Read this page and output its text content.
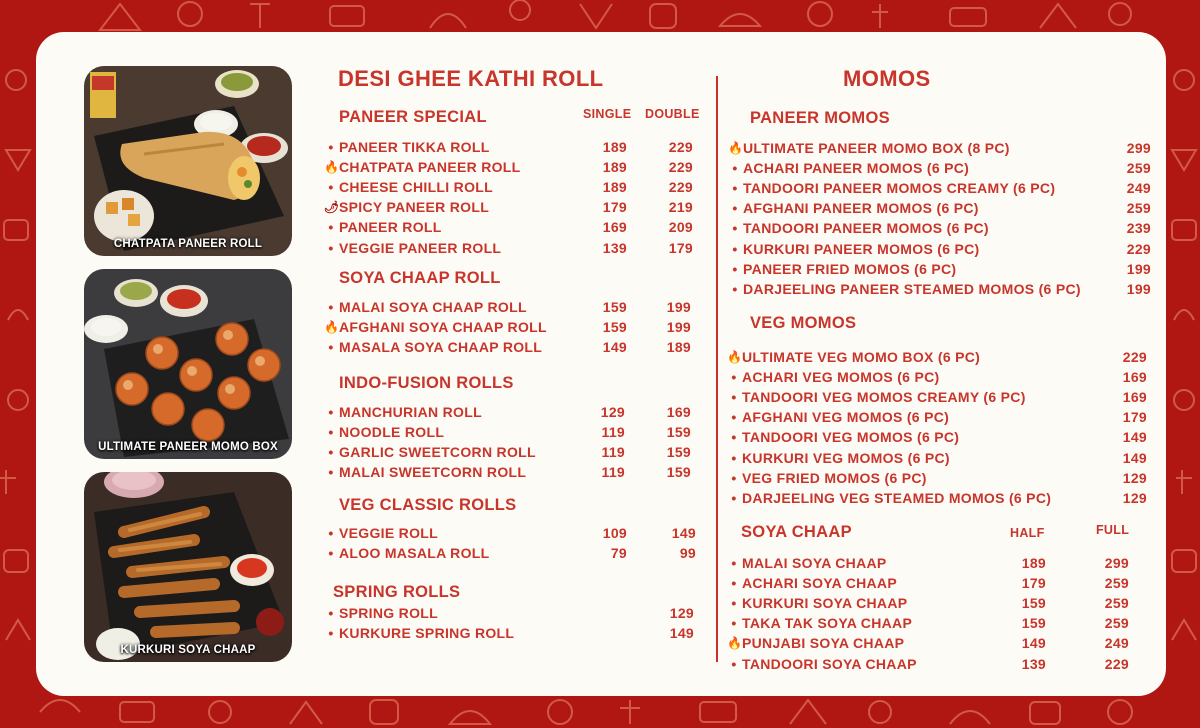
CHATPATA PANEER ROLL
ULTIMATE PANEER MOMO BOX
KURKURI SOYA CHAAP
DESI GHEE KATHI ROLL
SINGLE DOUBLE
PANEER SPECIAL
• PANEER TIKKA ROLL	189	229
🔥 CHATPATA PANEER ROLL	189	229
• CHEESE CHILLI ROLL	189	229
🌶 SPICY PANEER ROLL	179	219
• PANEER ROLL	169	209
• VEGGIE PANEER ROLL	139	179
SOYA CHAAP ROLL
• MALAI SOYA CHAAP ROLL	159	199
🔥 AFGHANI SOYA CHAAP ROLL	159	199
• MASALA SOYA CHAAP ROLL	149	189
INDO-FUSION ROLLS
• MANCHURIAN ROLL	129	169
• NOODLE ROLL	119	159
• GARLIC SWEETCORN ROLL	119	159
• MALAI SWEETCORN ROLL	119	159
VEG CLASSIC ROLLS
• VEGGIE ROLL	109	149
• ALOO MASALA ROLL	79	99
SPRING ROLLS
• SPRING ROLL	129
• KURKURE SPRING ROLL	149
MOMOS
PANEER MOMOS
🔥 ULTIMATE PANEER MOMO BOX (8 PC)	299
• ACHARI PANEER MOMOS (6 PC)	259
• TANDOORI PANEER MOMOS CREAMY (6 PC)	249
• AFGHANI PANEER MOMOS (6 PC)	259
• TANDOORI PANEER MOMOS (6 PC)	239
• KURKURI PANEER MOMOS (6 PC)	229
• PANEER FRIED MOMOS (6 PC)	199
• DARJEELING PANEER STEAMED MOMOS (6 PC)	199
VEG MOMOS
🔥 ULTIMATE VEG MOMO BOX (6 PC)	229
• ACHARI VEG MOMOS (6 PC)	169
• TANDOORI VEG MOMOS CREAMY (6 PC)	169
• AFGHANI VEG MOMOS (6 PC)	179
• TANDOORI VEG MOMOS (6 PC)	149
• KURKURI VEG MOMOS (6 PC)	149
• VEG FRIED MOMOS (6 PC)	129
• DARJEELING VEG STEAMED MOMOS (6 PC)	129
SOYA CHAAP	HALF	FULL
• MALAI SOYA CHAAP	189	299
• ACHARI SOYA CHAAP	179	259
• KURKURI SOYA CHAAP	159	259
• TAKA TAK SOYA CHAAP	159	259
🔥 PUNJABI SOYA CHAAP	149	249
• TANDOORI SOYA CHAAP	139	229
